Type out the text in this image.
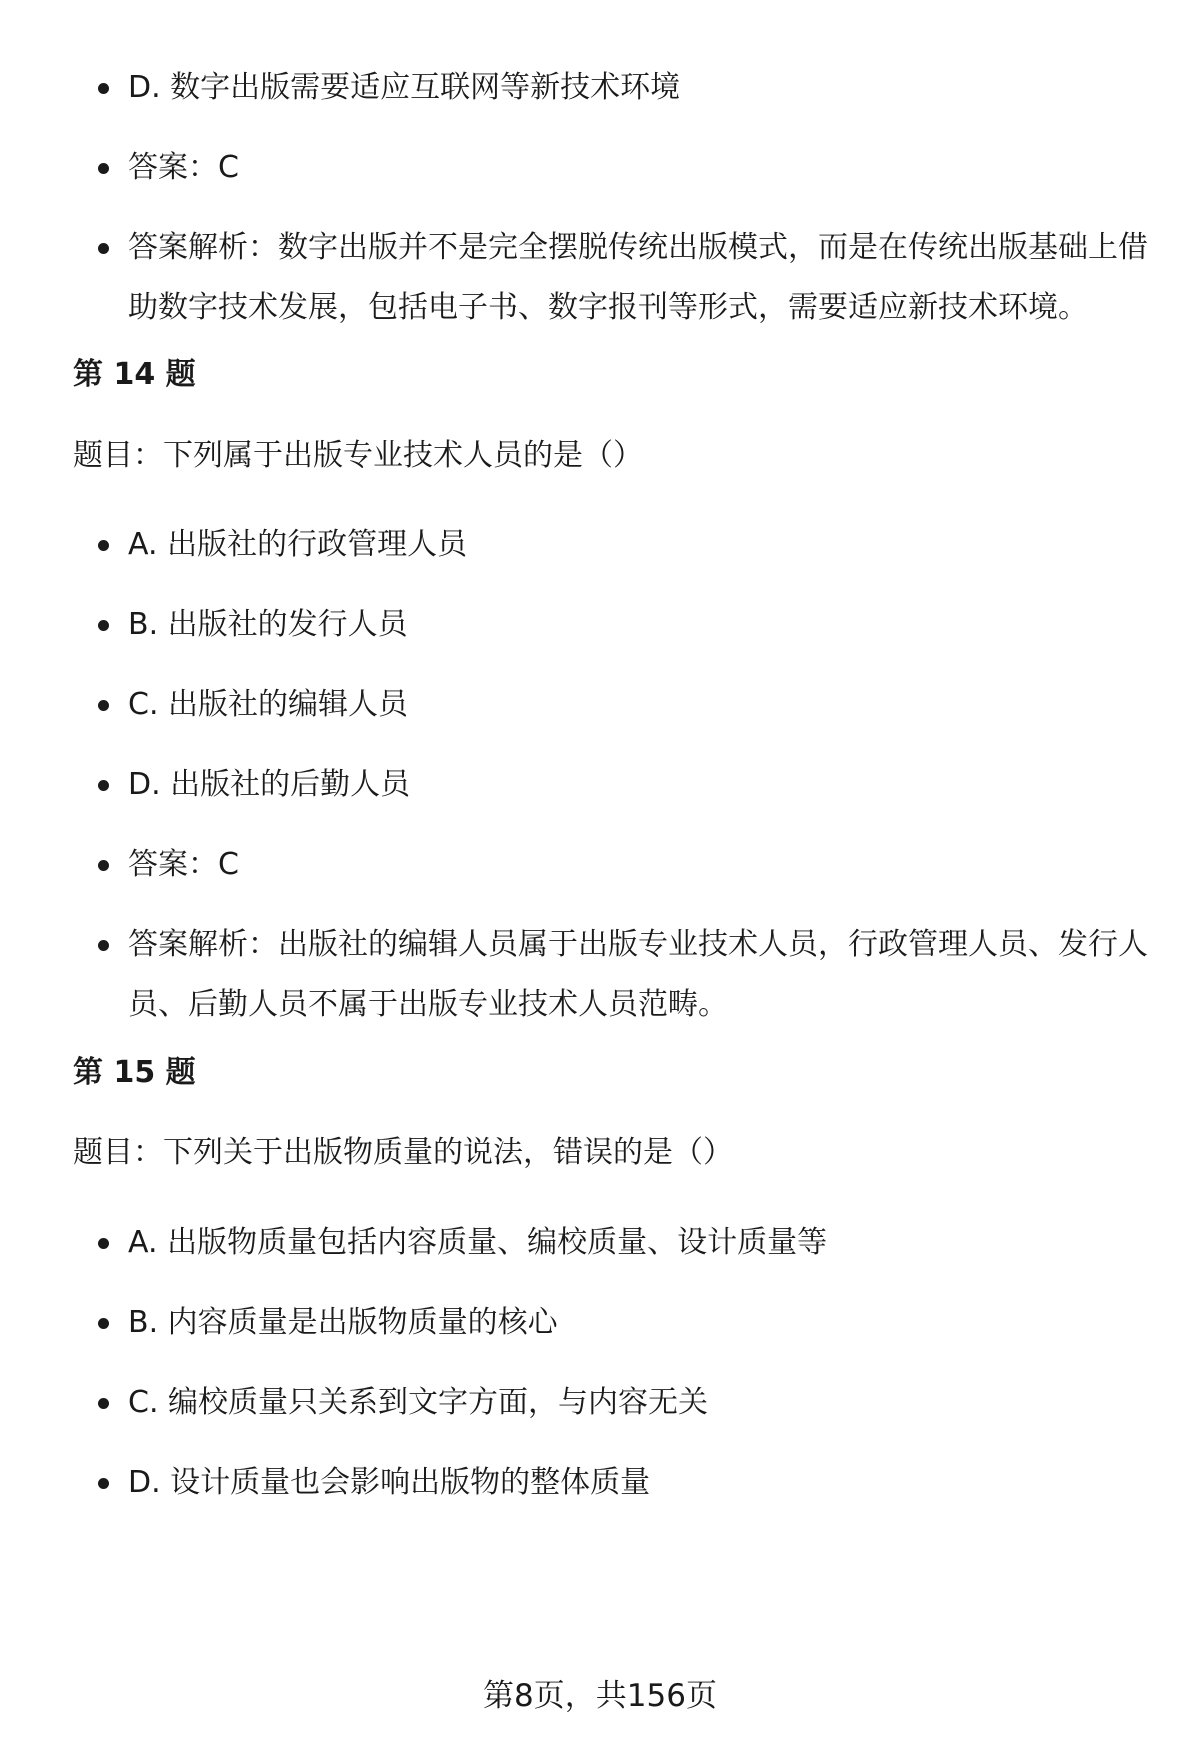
D. 数字出版需要适应互联网等新技术环境
答案：C
答案解析：数字出版并不是完全摆脱传统出版模式，而是在传统出版基础上借助数字技术发展，包括电子书、数字报刊等形式，需要适应新技术环境。
第 14 题
题目：下列属于出版专业技术人员的是（）
A. 出版社的行政管理人员
B. 出版社的发行人员
C. 出版社的编辑人员
D. 出版社的后勤人员
答案：C
答案解析：出版社的编辑人员属于出版专业技术人员，行政管理人员、发行人员、后勤人员不属于出版专业技术人员范畴。
第 15 题
题目：下列关于出版物质量的说法，错误的是（）
A. 出版物质量包括内容质量、编校质量、设计质量等
B. 内容质量是出版物质量的核心
C. 编校质量只关系到文字方面，与内容无关
D. 设计质量也会影响出版物的整体质量
第8页，共156页
